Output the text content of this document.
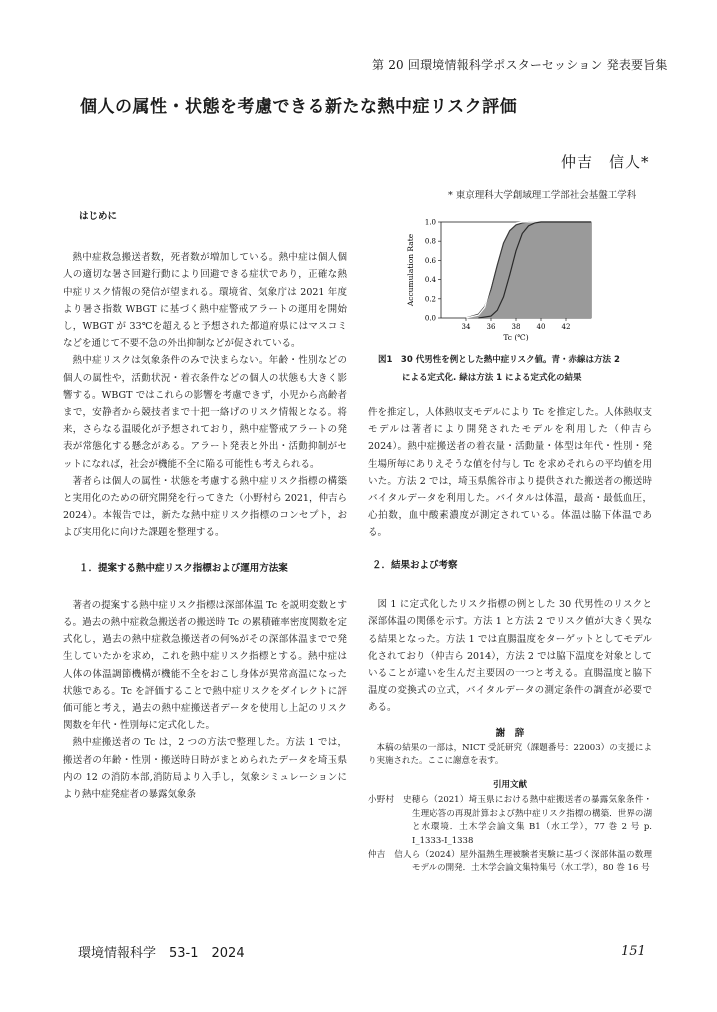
第 20 回環境情報科学ポスターセッション 発表要旨集
個人の属性・状態を考慮できる新たな熱中症リスク評価
仲吉　信人*
* 東京理科大学創域理工学部社会基盤工学科
はじめに

熱中症救急搬送者数，死者数が増加している。熱中症は個人個人の適切な暑さ回避行動により回避できる症状であり，正確な熱中症リスク情報の発信が望まれる。環境省、気象庁は 2021 年度より暑さ指数 WBGT に基づく熱中症警戒アラートの運用を開始し，WBGT が 33℃を超えると予想された都道府県にはマスコミなどを通じて不要不急の外出抑制などが促されている。

熱中症リスクは気象条件のみで決まらない。年齢・性別などの個人の属性や，活動状況・着衣条件などの個人の状態も大きく影響する。WBGT ではこれらの影響を考慮できず，小児から高齢者まで，安静者から競技者まで十把一絡げのリスク情報となる。将来，さらなる温暖化が予想されており，熱中症警戒アラートの発表が常態化する懸念がある。アラート発表と外出・活動抑制がセットになれば，社会が機能不全に陥る可能性も考えられる。

著者らは個人の属性・状態を考慮する熱中症リスク指標の構築と実用化のための研究開発を行ってきた（小野村ら 2021，仲吉ら 2024）。本報告では，新たな熱中症リスク指標のコンセプト，および実用化に向けた課題を整理する。

１．提案する熱中症リスク指標および運用方法案

著者の提案する熱中症リスク指標は深部体温 Tc を説明変数とする。過去の熱中症救急搬送者の搬送時 Tc の累積確率密度関数を定式化し，過去の熱中症救急搬送者の何%がその深部体温までで発生していたかを求め，これを熱中症リスク指標とする。熱中症は人体の体温調節機構が機能不全をおこし身体が異常高温になった状態である。Tc を評価することで熱中症リスクをダイレクトに評価可能と考え，過去の熱中症搬送者データを使用し上記のリスク関数を年代・性別毎に定式化した。

熱中症搬送者の Tc は，2 つの方法で整理した。方法 1 では，搬送者の年齢・性別・搬送時日時がまとめられたデータを埼玉県内の 12 の消防本部,消防局より入手し，気象シミュレーションにより熱中症発症者の暴露気象条

34 36 38 40 42
0.0
0.2
0.4
0.6
0.8
1.0
Tc (℃)
Accumulation Rate
図1　30 代男性を例とした熱中症リスク値。青・赤線は方法 2
による定式化. 緑は方法 1 による定式化の結果

件を推定し，人体熱収支モデルにより Tc を推定した。人体熱収支モデルは著者により開発されたモデルを利用した（仲吉ら 2024）。熱中症搬送者の着衣量・活動量・体型は年代・性別・発生場所毎にありえそうな値を付与し Tc を求めそれらの平均値を用いた。方法 2 では，埼玉県熊谷市より提供された搬送者の搬送時バイタルデータを利用した。バイタルは体温，最高・最低血圧，心拍数，血中酸素濃度が測定されている。体温は脇下体温である。

２．結果および考察

図 1 に定式化したリスク指標の例とした 30 代男性のリスクと深部体温の関係を示す。方法 1 と方法 2 でリスク値が大きく異なる結果となった。方法 1 では直腸温度をターゲットとしてモデル化されており（仲吉ら 2014），方法 2 では脇下温度を対象としていることが違いを生んだ主要因の一つと考える。直腸温度と脇下温度の変換式の立式，バイタルデータの測定条件の調査が必要である。

謝　辞
本稿の結果の一部は，NICT 受託研究（課題番号：22003）の支援により実施された。ここに謝意を表す。
引用文献
小野村　史穂ら（2021）埼玉県における熱中症搬送者の暴露気象条件・生理応答の再現計算および熱中症リスク指標の構築．世界の湖と水環境．土木学会論文集 B1（水工学），77 巻 2 号 p. I_1333-I_1338
仲吉　信人ら（2024）屋外温熱生理被験者実験に基づく深部体温の数理モデルの開発．土木学会論文集特集号（水工学），80 巻 16 号
環境情報科学　53-1　2024	151
